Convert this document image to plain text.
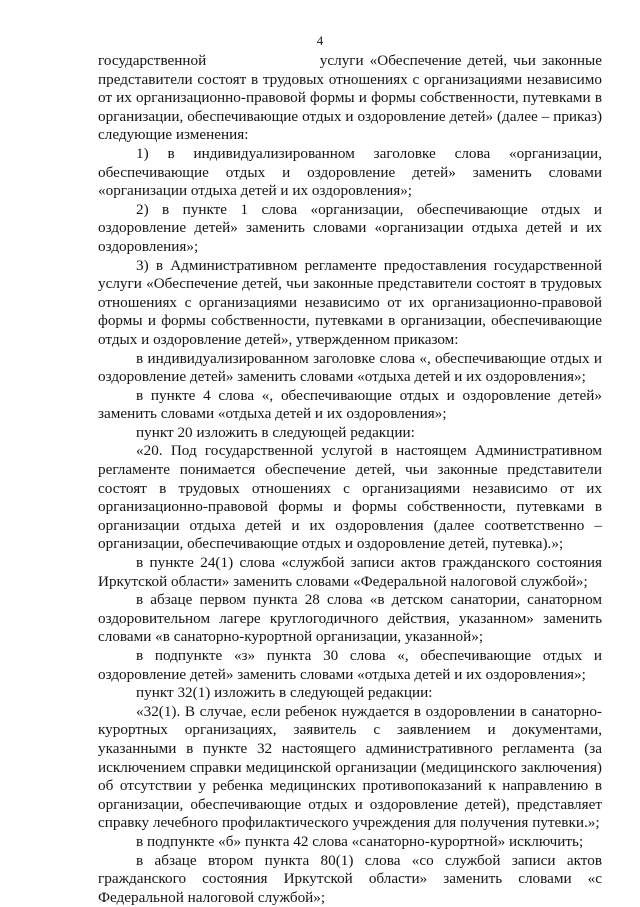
4

государственной                   услуги «Обеспечение детей, чьи законные представители состоят в трудовых отношениях с организациями независимо от их организационно-правовой формы и формы собственности, путевками в организации, обеспечивающие отдых и оздоровление детей» (далее – приказ) следующие изменения:

1) в индивидуализированном заголовке слова «организации, обеспечивающие отдых и оздоровление детей» заменить словами «организации отдыха детей и их оздоровления»;

2) в пункте 1 слова «организации, обеспечивающие отдых и оздоровление детей» заменить словами «организации отдыха детей и их оздоровления»;

3) в Административном регламенте предоставления государственной услуги «Обеспечение детей, чьи законные представители состоят в трудовых отношениях с организациями независимо от их организационно-правовой формы и формы собственности, путевками в организации, обеспечивающие отдых и оздоровление детей», утвержденном приказом:

в индивидуализированном заголовке слова «, обеспечивающие отдых и оздоровление детей» заменить словами «отдыха детей и их оздоровления»;

в пункте 4 слова «, обеспечивающие отдых и оздоровление детей» заменить словами «отдыха детей и их оздоровления»;

пункт 20 изложить в следующей редакции:

«20. Под государственной услугой в настоящем Административном регламенте понимается обеспечение детей, чьи законные представители состоят в трудовых отношениях с организациями независимо от их организационно-правовой формы и формы собственности, путевками в организации отдыха детей и их оздоровления (далее соответственно – организации, обеспечивающие отдых и оздоровление детей, путевка).»;

в пункте 24(1) слова «службой записи актов гражданского состояния Иркутской области» заменить словами «Федеральной налоговой службой»;

в абзаце первом пункта 28 слова «в детском санатории, санаторном оздоровительном лагере круглогодичного действия, указанном» заменить словами «в санаторно-курортной организации, указанной»;

в подпункте «з» пункта 30 слова «, обеспечивающие отдых и оздоровление детей» заменить словами «отдыха детей и их оздоровления»;

пункт 32(1) изложить в следующей редакции:

«32(1). В случае, если ребенок нуждается в оздоровлении в санаторно-курортных организациях, заявитель с заявлением и документами, указанными в пункте 32 настоящего административного регламента (за исключением справки медицинской организации (медицинского заключения) об отсутствии у ребенка медицинских противопоказаний к направлению в организации, обеспечивающие отдых и оздоровление детей), представляет справку лечебного профилактического учреждения для получения путевки.»;

в подпункте «б» пункта 42 слова «санаторно-курортной» исключить;

в абзаце втором пункта 80(1) слова «со службой записи актов гражданского состояния Иркутской области» заменить словами «с Федеральной налоговой службой»;
